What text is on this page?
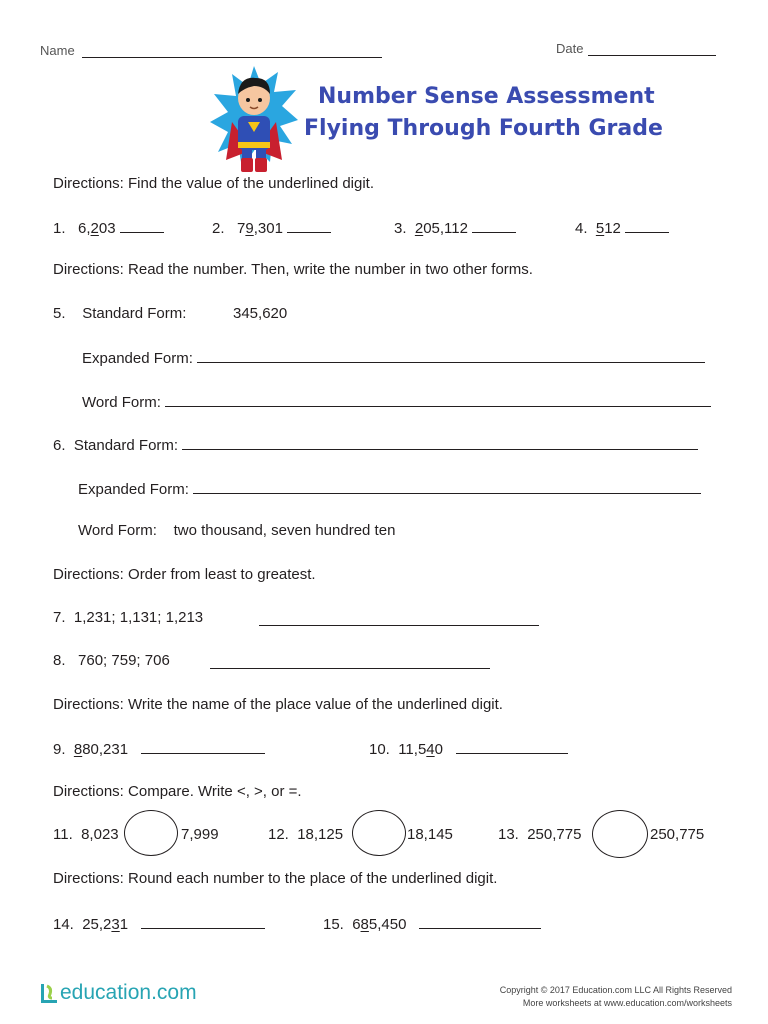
Name	Date
Number Sense Assessment
Flying Through Fourth Grade
Directions: Find the value of the underlined digit.
1. 6,203	2. 79,301	3. 205,112	4. 512
Directions: Read the number. Then, write the number in two other forms.
5. Standard Form:	345,620
Expanded Form:
Word Form:
6. Standard Form:
Expanded Form:
Word Form: two thousand, seven hundred ten
Directions: Order from least to greatest.
7. 1,231; 1,131; 1,213
8. 760; 759; 706
Directions: Write the name of the place value of the underlined digit.
9. 880,231	10. 11,540
Directions: Compare. Write <, >, or =.
11. 8,023	7,999	12. 18,125	18,145	13. 250,775	250,775
Directions: Round each number to the place of the underlined digit.
14. 25,231	15. 685,450
education.com	Copyright © 2017 Education.com LLC All Rights Reserved
More worksheets at www.education.com/worksheets
